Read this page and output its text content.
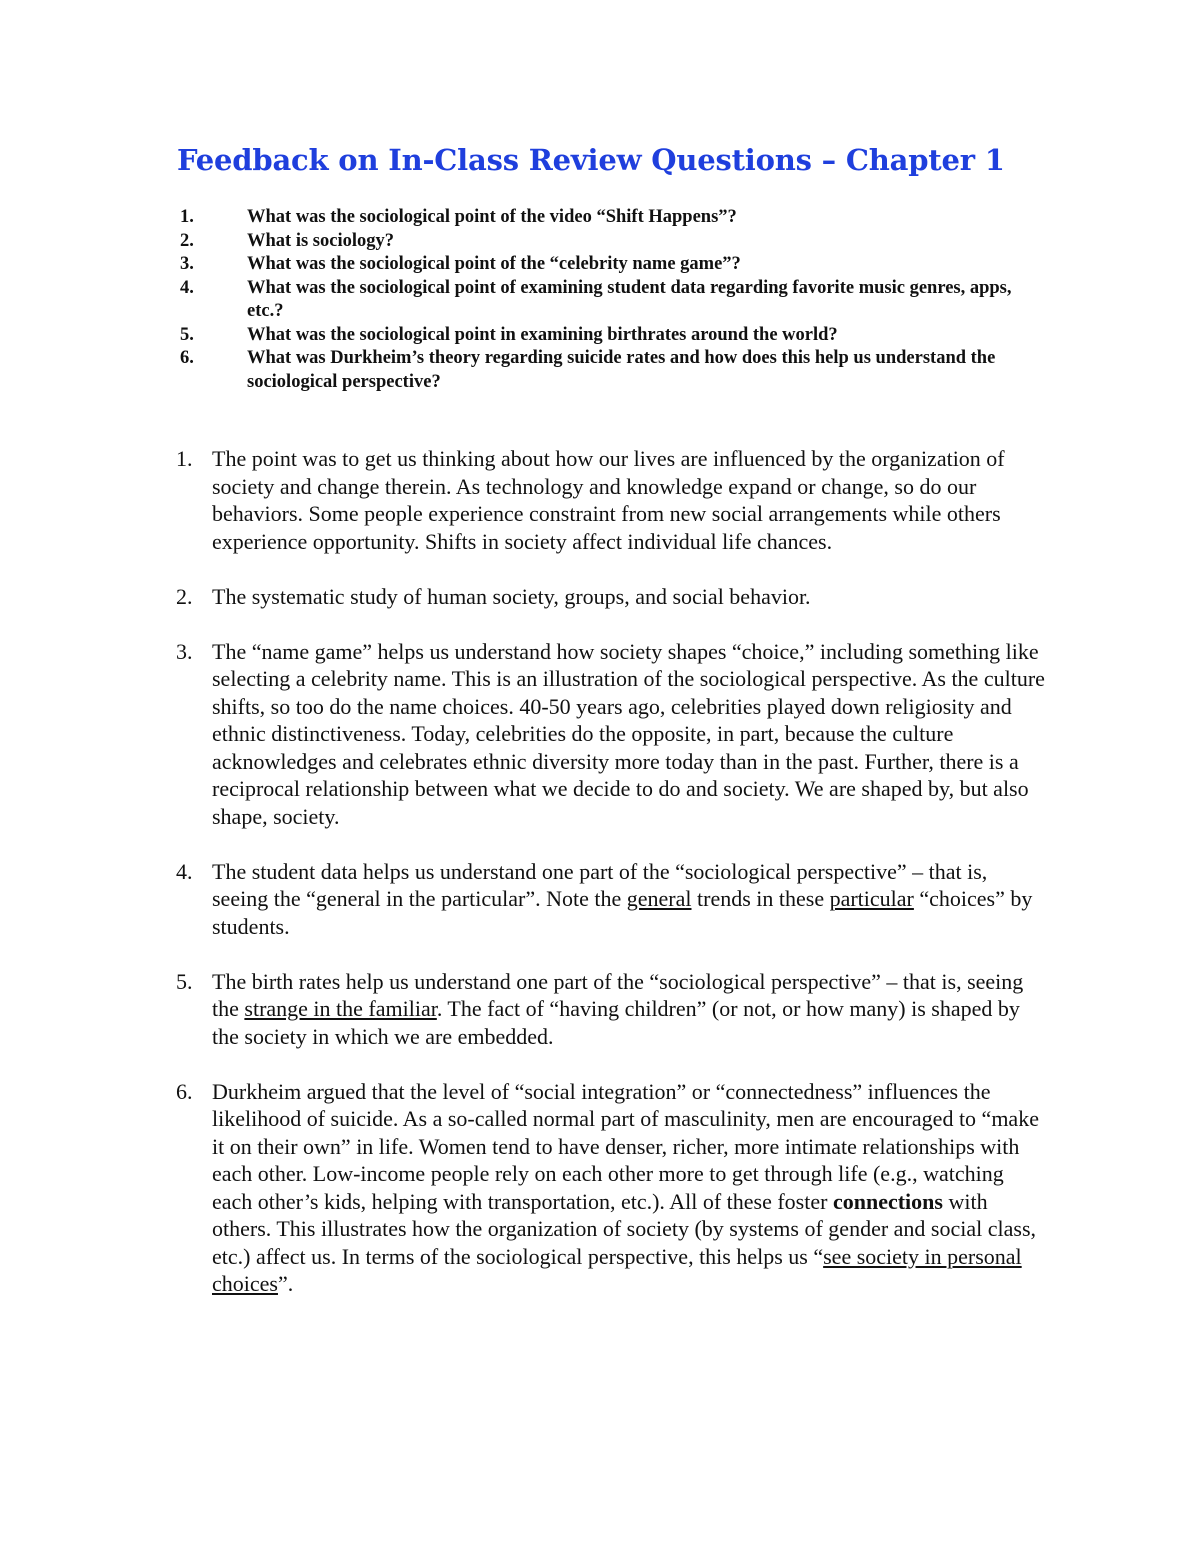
Feedback on In-Class Review Questions – Chapter 1
1.	What was the sociological point of the video “Shift Happens”?
2.	What is sociology?
3.	What was the sociological point of the “celebrity name game”?
4.	What was the sociological point of examining student data regarding favorite music genres, apps, etc.?
5.	What was the sociological point in examining birthrates around the world?
6.	What was Durkheim’s theory regarding suicide rates and how does this help us understand the sociological perspective?
1. The point was to get us thinking about how our lives are influenced by the organization of society and change therein. As technology and knowledge expand or change, so do our behaviors. Some people experience constraint from new social arrangements while others experience opportunity. Shifts in society affect individual life chances.
2. The systematic study of human society, groups, and social behavior.
3. The “name game” helps us understand how society shapes “choice,” including something like selecting a celebrity name. This is an illustration of the sociological perspective. As the culture shifts, so too do the name choices. 40-50 years ago, celebrities played down religiosity and ethnic distinctiveness. Today, celebrities do the opposite, in part, because the culture acknowledges and celebrates ethnic diversity more today than in the past. Further, there is a reciprocal relationship between what we decide to do and society. We are shaped by, but also shape, society.
4. The student data helps us understand one part of the “sociological perspective” – that is, seeing the “general in the particular”. Note the general trends in these particular “choices” by students.
5. The birth rates help us understand one part of the “sociological perspective” – that is, seeing the strange in the familiar. The fact of “having children” (or not, or how many) is shaped by the society in which we are embedded.
6. Durkheim argued that the level of “social integration” or “connectedness” influences the likelihood of suicide. As a so-called normal part of masculinity, men are encouraged to “make it on their own” in life. Women tend to have denser, richer, more intimate relationships with each other. Low-income people rely on each other more to get through life (e.g., watching each other’s kids, helping with transportation, etc.). All of these foster connections with others. This illustrates how the organization of society (by systems of gender and social class, etc.) affect us. In terms of the sociological perspective, this helps us “see society in personal choices”.
